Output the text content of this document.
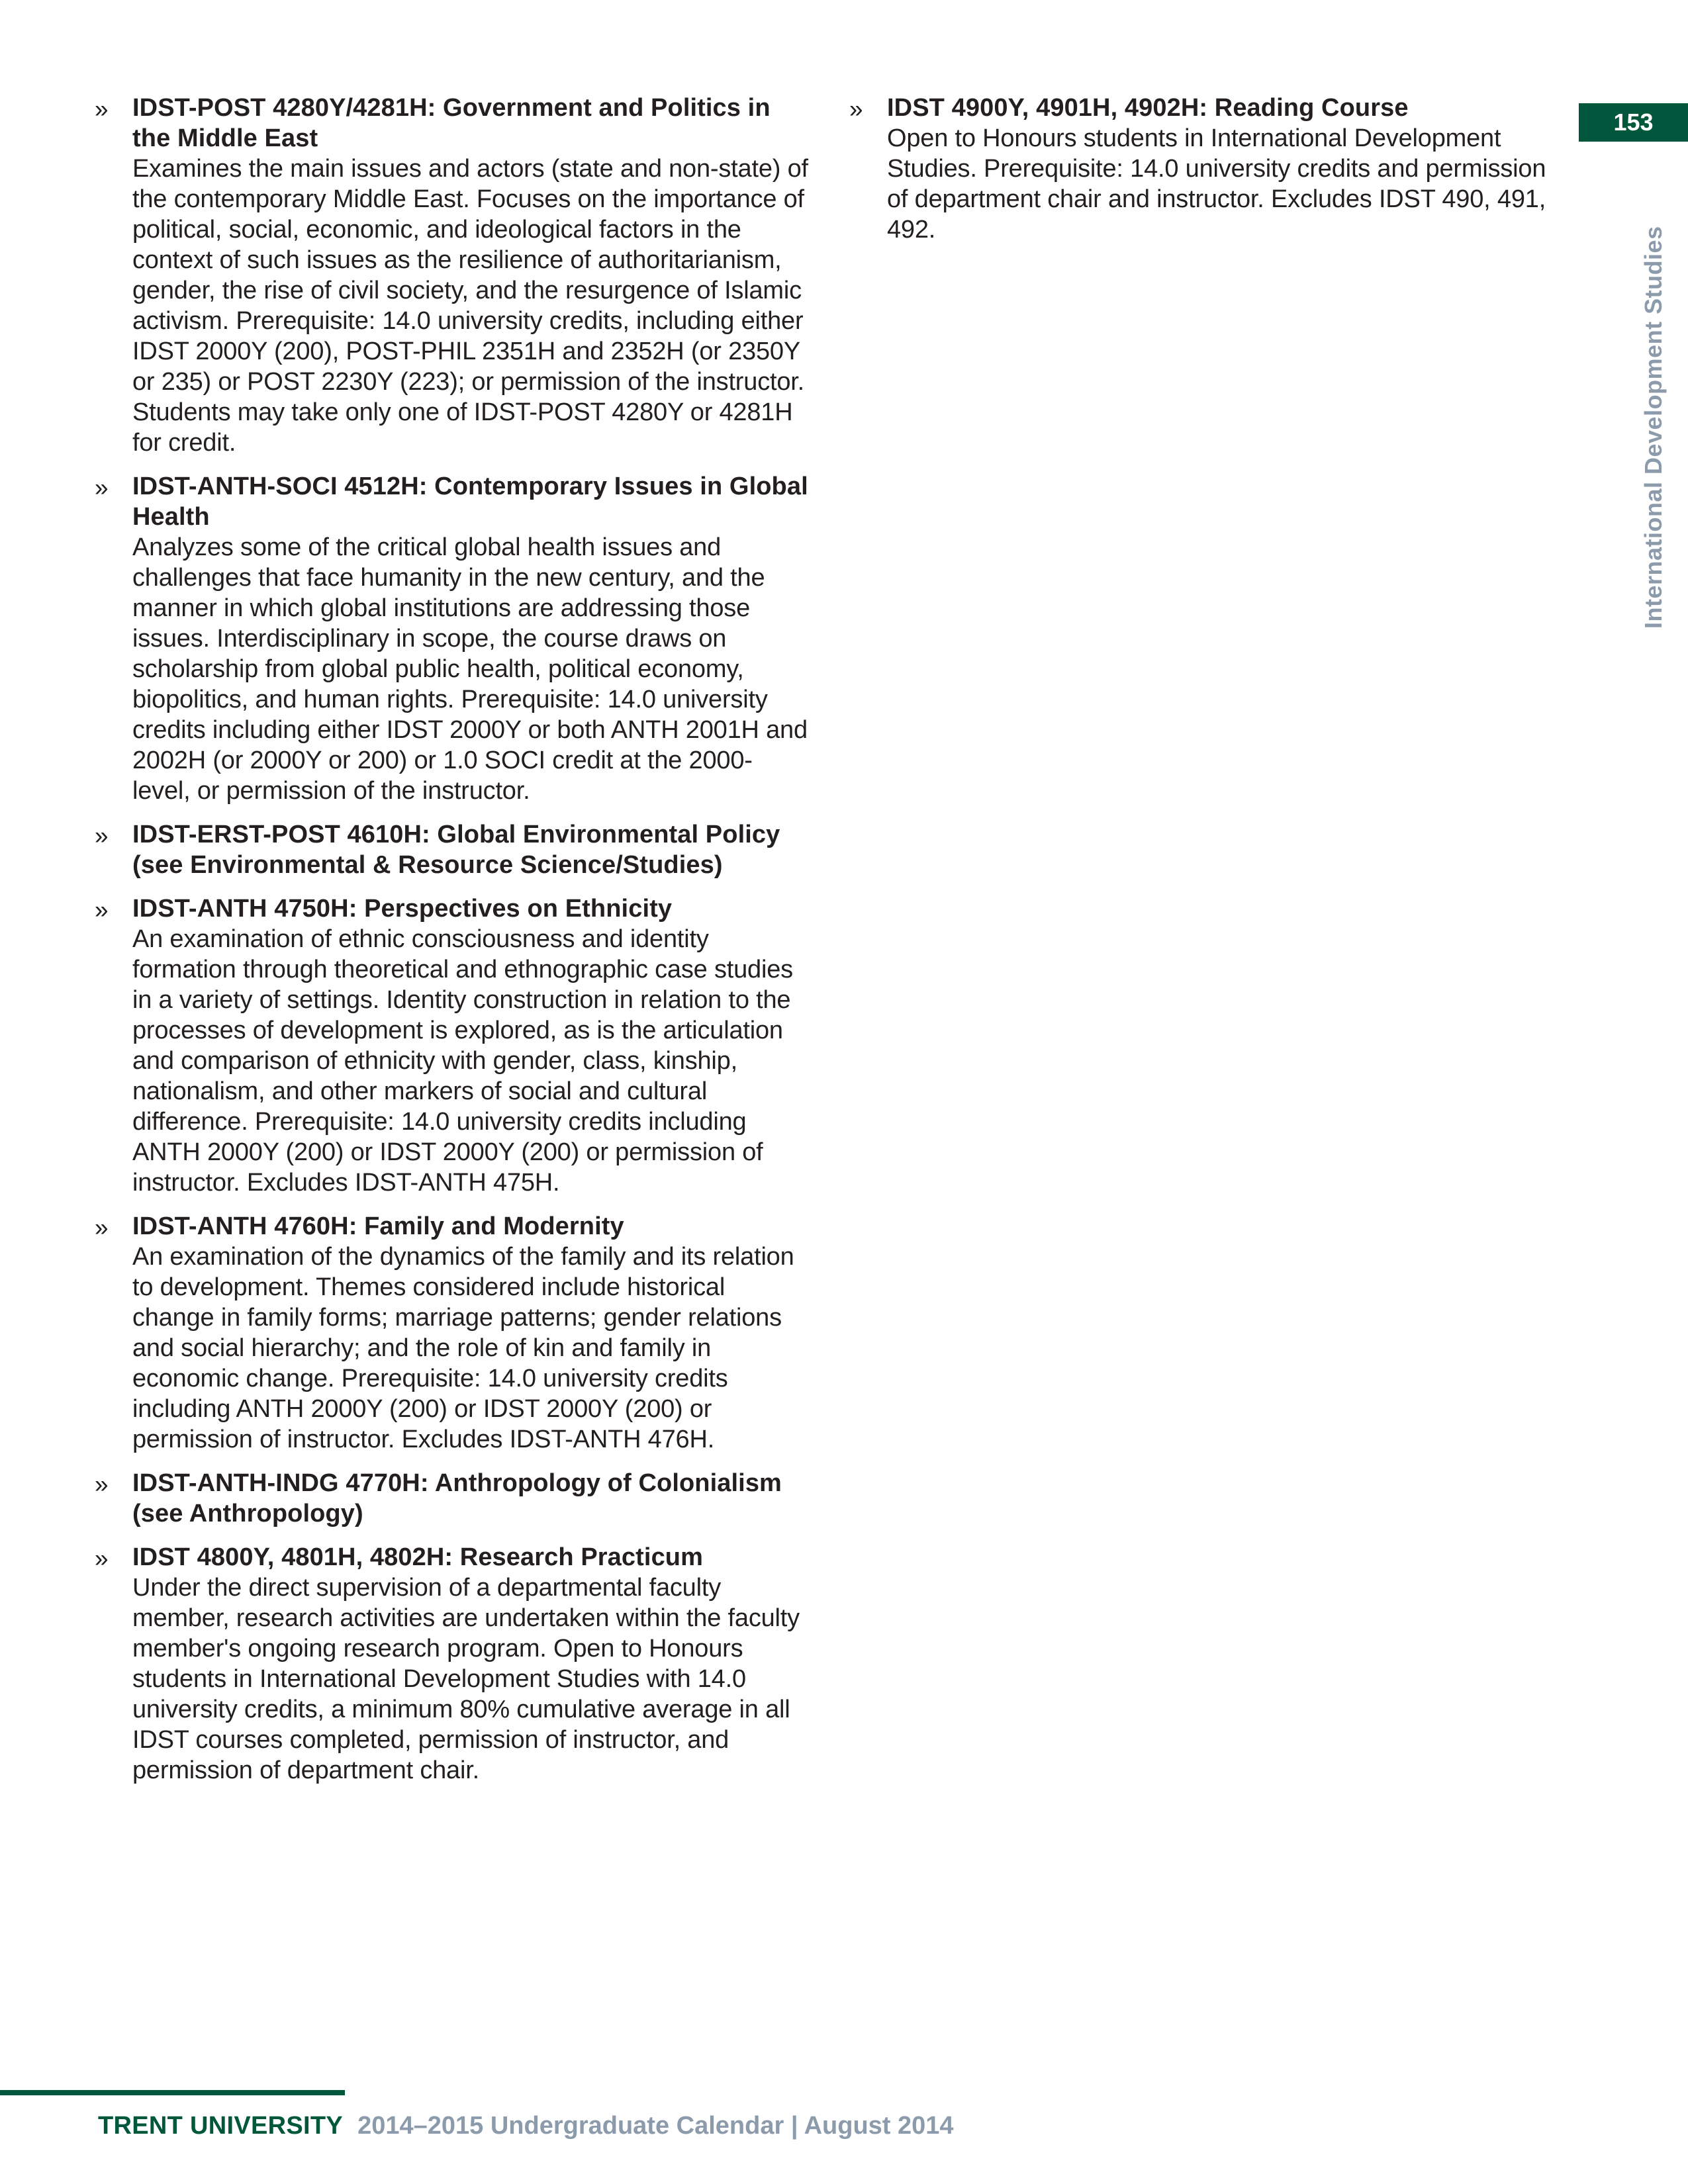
» IDST-POST 4280Y/4281H: Government and Politics in the Middle East
Examines the main issues and actors (state and non-state) of the contemporary Middle East. Focuses on the importance of political, social, economic, and ideological factors in the context of such issues as the resilience of authoritarianism, gender, the rise of civil society, and the resurgence of Islamic activism. Prerequisite: 14.0 university credits, including either IDST 2000Y (200), POST-PHIL 2351H and 2352H (or 2350Y or 235) or POST 2230Y (223); or permission of the instructor. Students may take only one of IDST-POST 4280Y or 4281H for credit.
» IDST-ANTH-SOCI 4512H: Contemporary Issues in Global Health
Analyzes some of the critical global health issues and challenges that face humanity in the new century, and the manner in which global institutions are addressing those issues. Interdisciplinary in scope, the course draws on scholarship from global public health, political economy, biopolitics, and human rights. Prerequisite: 14.0 university credits including either IDST 2000Y or both ANTH 2001H and 2002H (or 2000Y or 200) or 1.0 SOCI credit at the 2000-level, or permission of the instructor.
» IDST-ERST-POST 4610H: Global Environmental Policy (see Environmental & Resource Science/Studies)
» IDST-ANTH 4750H: Perspectives on Ethnicity
An examination of ethnic consciousness and identity formation through theoretical and ethnographic case studies in a variety of settings. Identity construction in relation to the processes of development is explored, as is the articulation and comparison of ethnicity with gender, class, kinship, nationalism, and other markers of social and cultural difference. Prerequisite: 14.0 university credits including ANTH 2000Y (200) or IDST 2000Y (200) or permission of instructor. Excludes IDST-ANTH 475H.
» IDST-ANTH 4760H: Family and Modernity
An examination of the dynamics of the family and its relation to development. Themes considered include historical change in family forms; marriage patterns; gender relations and social hierarchy; and the role of kin and family in economic change. Prerequisite: 14.0 university credits including ANTH 2000Y (200) or IDST 2000Y (200) or permission of instructor. Excludes IDST-ANTH 476H.
» IDST-ANTH-INDG 4770H: Anthropology of Colonialism (see Anthropology)
» IDST 4800Y, 4801H, 4802H: Research Practicum
Under the direct supervision of a departmental faculty member, research activities are undertaken within the faculty member's ongoing research program. Open to Honours students in International Development Studies with 14.0 university credits, a minimum 80% cumulative average in all IDST courses completed, permission of instructor, and permission of department chair.
» IDST 4900Y, 4901H, 4902H: Reading Course
Open to Honours students in International Development Studies. Prerequisite: 14.0 university credits and permission of department chair and instructor. Excludes IDST 490, 491, 492.
153
International Development Studies
TRENT UNIVERSITY 2014–2015 Undergraduate Calendar | August 2014
